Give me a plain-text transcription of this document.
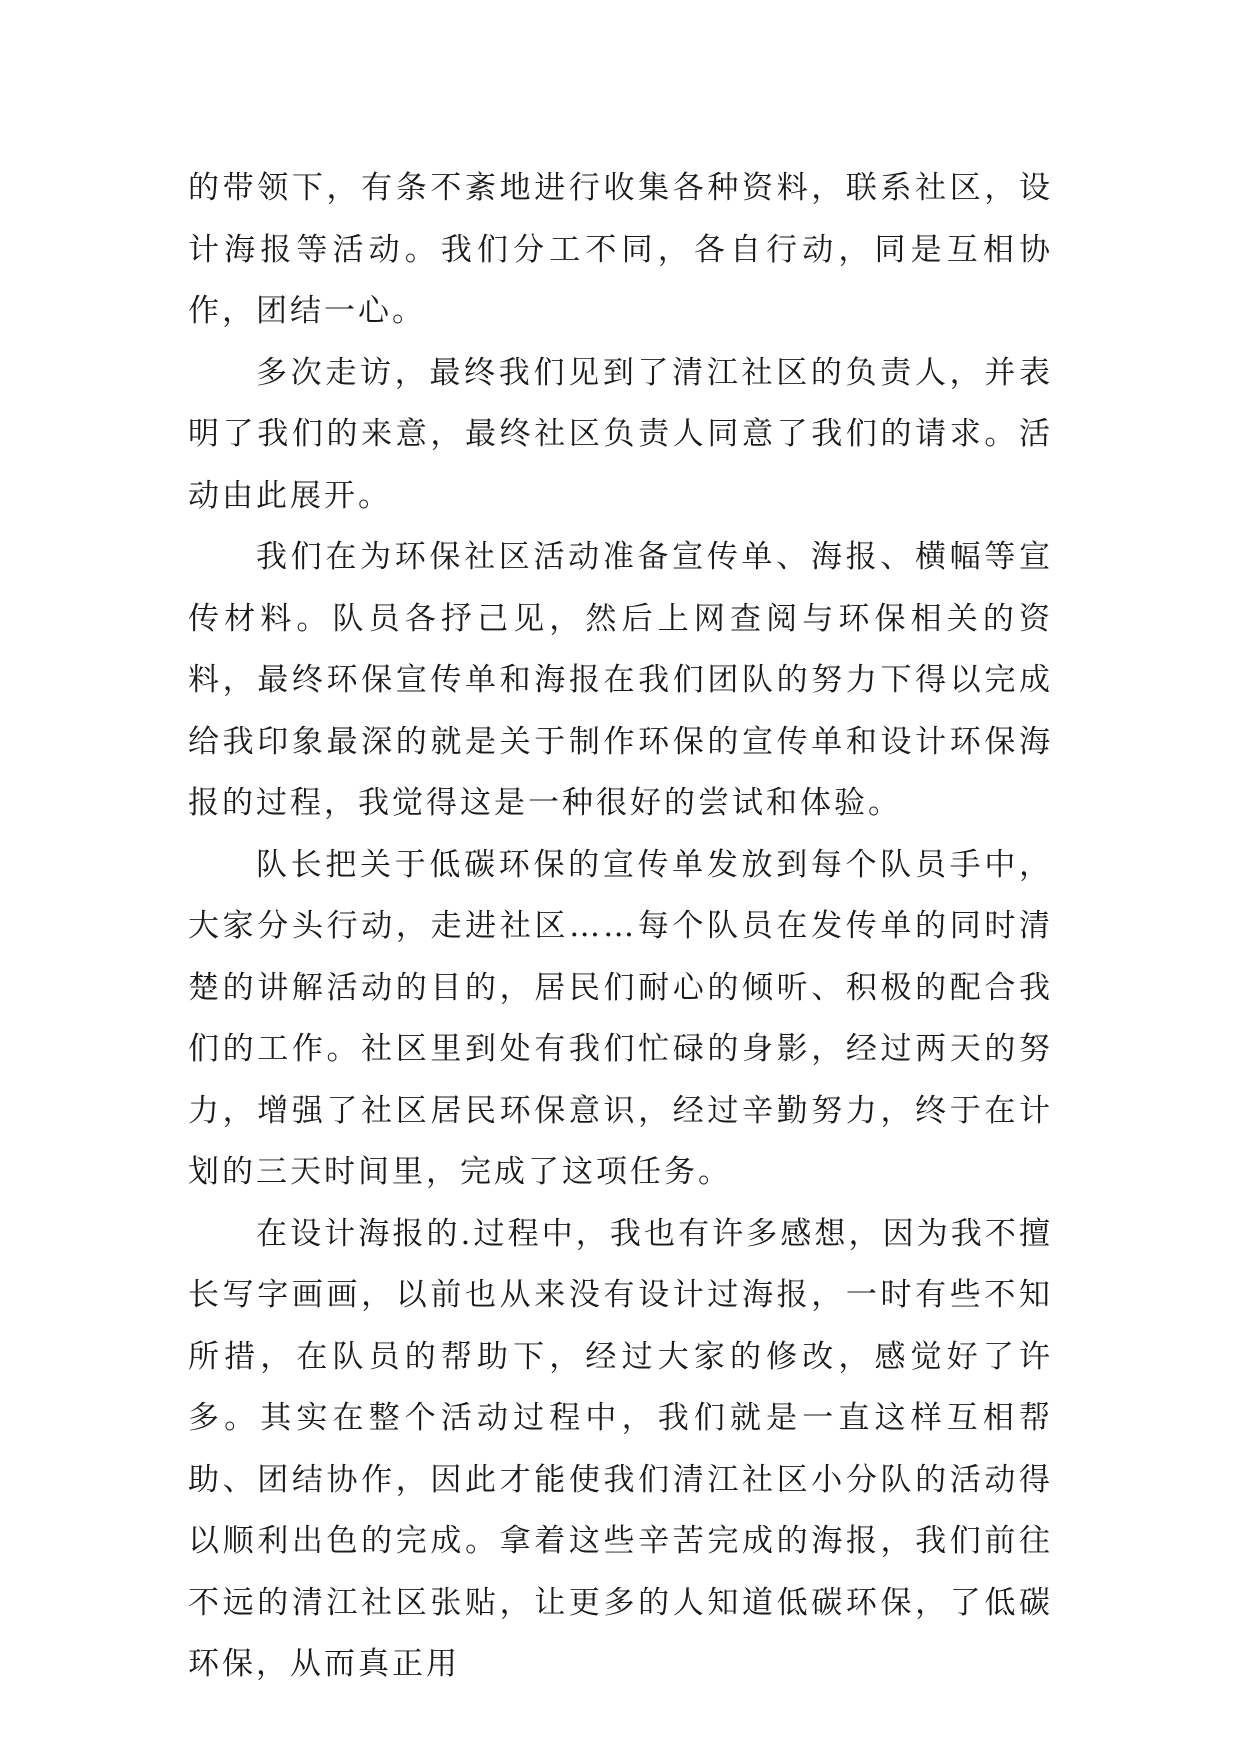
的带领下，有条不紊地进行收集各种资料，联系社区，设计海报等活动。我们分工不同，各自行动，同是互相协作，团结一心。

多次走访，最终我们见到了清江社区的负责人，并表明了我们的来意，最终社区负责人同意了我们的请求。活动由此展开。

我们在为环保社区活动准备宣传单、海报、横幅等宣传材料。队员各抒己见，然后上网查阅与环保相关的资料，最终环保宣传单和海报在我们团队的努力下得以完成给我印象最深的就是关于制作环保的宣传单和设计环保海报的过程，我觉得这是一种很好的尝试和体验。

队长把关于低碳环保的宣传单发放到每个队员手中，大家分头行动，走进社区……每个队员在发传单的同时清楚的讲解活动的目的，居民们耐心的倾听、积极的配合我们的工作。社区里到处有我们忙碌的身影，经过两天的努力，增强了社区居民环保意识，经过辛勤努力，终于在计划的三天时间里，完成了这项任务。

在设计海报的.过程中，我也有许多感想，因为我不擅长写字画画，以前也从来没有设计过海报，一时有些不知所措，在队员的帮助下，经过大家的修改，感觉好了许多。其实在整个活动过程中，我们就是一直这样互相帮助、团结协作，因此才能使我们清江社区小分队的活动得以顺利出色的完成。拿着这些辛苦完成的海报，我们前往不远的清江社区张贴，让更多的人知道低碳环保，了低碳环保，从而真正用
